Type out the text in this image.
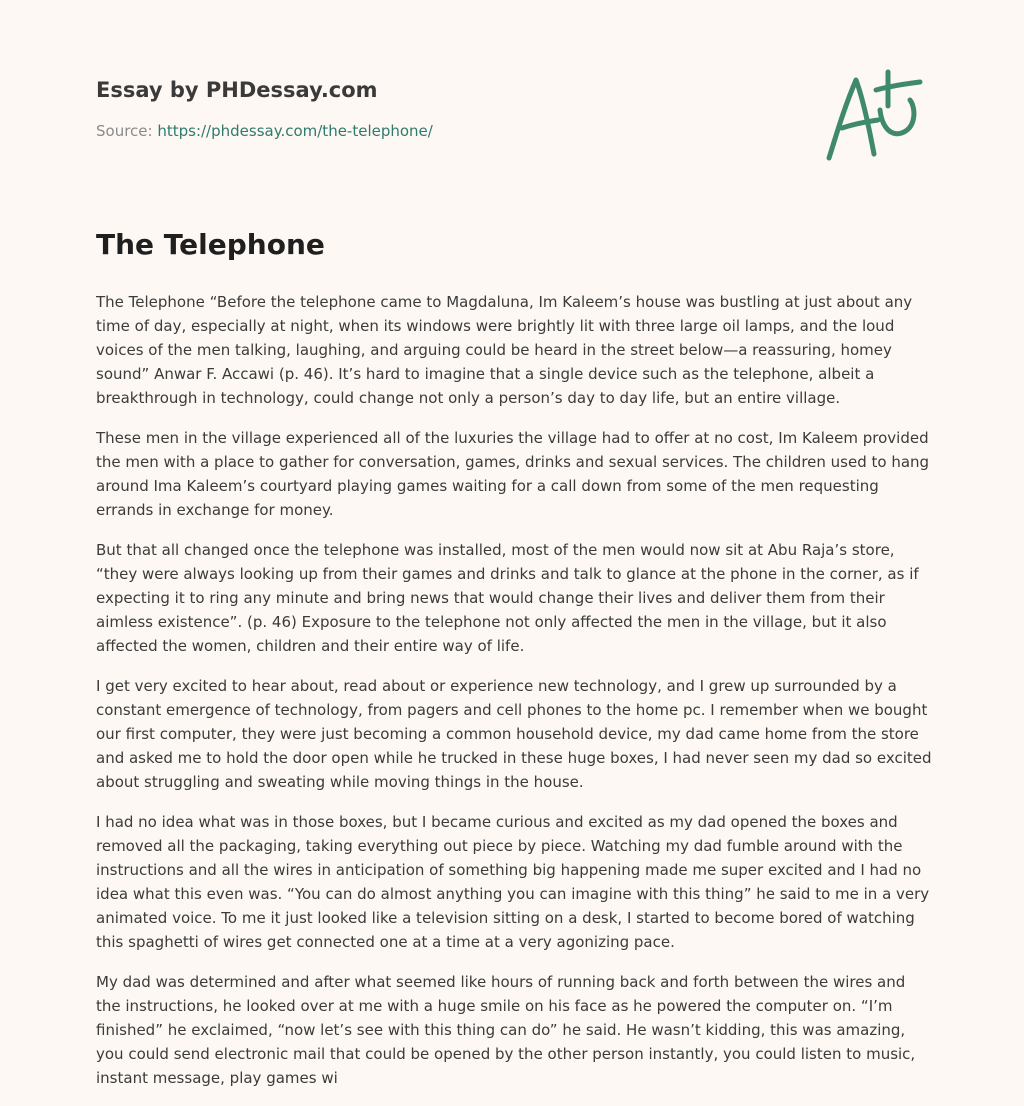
Essay by PHDessay.com
Source: https://phdessay.com/the-telephone/
The Telephone

The Telephone “Before the telephone came to Magdaluna, Im Kaleem’s house was bustling at just about any time of day, especially at night, when its windows were brightly lit with three large oil lamps, and the loud voices of the men talking, laughing, and arguing could be heard in the street below—a reassuring, homey sound” Anwar F. Accawi (p. 46). It’s hard to imagine that a single device such as the telephone, albeit a breakthrough in technology, could change not only a person’s day to day life, but an entire village.

These men in the village experienced all of the luxuries the village had to offer at no cost, Im Kaleem provided the men with a place to gather for conversation, games, drinks and sexual services. The children used to hang around Ima Kaleem’s courtyard playing games waiting for a call down from some of the men requesting errands in exchange for money.

But that all changed once the telephone was installed, most of the men would now sit at Abu Raja’s store, “they were always looking up from their games and drinks and talk to glance at the phone in the corner, as if expecting it to ring any minute and bring news that would change their lives and deliver them from their aimless existence”. (p. 46) Exposure to the telephone not only affected the men in the village, but it also affected the women, children and their entire way of life.

I get very excited to hear about, read about or experience new technology, and I grew up surrounded by a constant emergence of technology, from pagers and cell phones to the home pc. I remember when we bought our first computer, they were just becoming a common household device, my dad came home from the store and asked me to hold the door open while he trucked in these huge boxes, I had never seen my dad so excited about struggling and sweating while moving things in the house.

I had no idea what was in those boxes, but I became curious and excited as my dad opened the boxes and removed all the packaging, taking everything out piece by piece. Watching my dad fumble around with the instructions and all the wires in anticipation of something big happening made me super excited and I had no idea what this even was. “You can do almost anything you can imagine with this thing” he said to me in a very animated voice. To me it just looked like a television sitting on a desk, I started to become bored of watching this spaghetti of wires get connected one at a time at a very agonizing pace.

My dad was determined and after what seemed like hours of running back and forth between the wires and the instructions, he looked over at me with a huge smile on his face as he powered the computer on. “I’m finished” he exclaimed, “now let’s see with this thing can do” he said. He wasn’t kidding, this was amazing, you could send electronic mail that could be opened by the other person instantly, you could listen to music, instant message, play games wi
